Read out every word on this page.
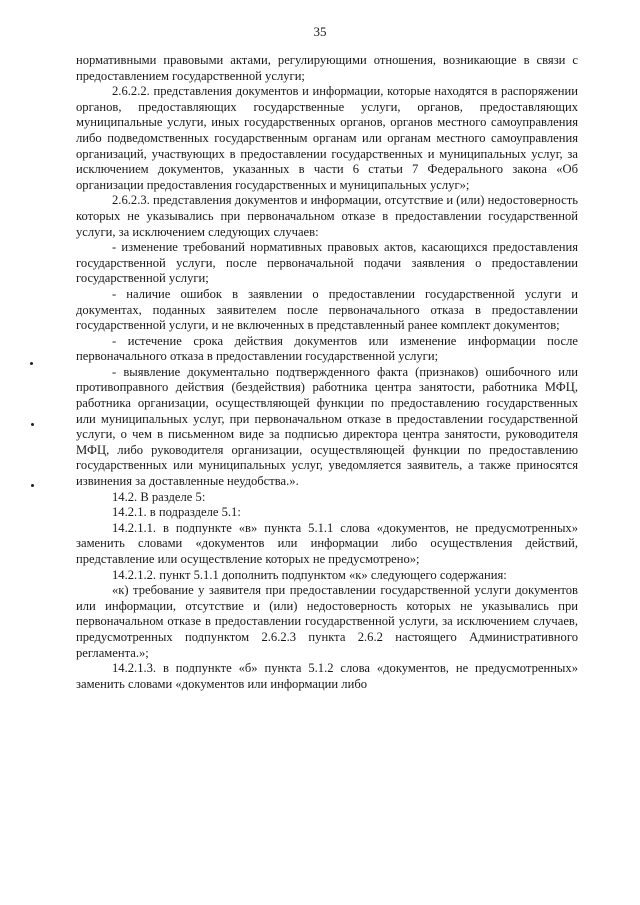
35

нормативными правовыми актами, регулирующими отношения, возникающие в связи с предоставлением государственной услуги;

2.6.2.2. представления документов и информации, которые находятся в распоряжении органов, предоставляющих государственные услуги, органов, предоставляющих муниципальные услуги, иных государственных органов, органов местного самоуправления либо подведомственных государственным органам или органам местного самоуправления организаций, участвующих в предоставлении государственных и муниципальных услуг, за исключением документов, указанных в части 6 статьи 7 Федерального закона «Об организации предоставления государственных и муниципальных услуг»;

2.6.2.3. представления документов и информации, отсутствие и (или) недостоверность которых не указывались при первоначальном отказе в предоставлении государственной услуги, за исключением следующих случаев:

- изменение требований нормативных правовых актов, касающихся предоставления государственной услуги, после первоначальной подачи заявления о предоставлении государственной услуги;

- наличие ошибок в заявлении о предоставлении государственной услуги и документах, поданных заявителем после первоначального отказа в предоставлении государственной услуги, и не включенных в представленный ранее комплект документов;

- истечение срока действия документов или изменение информации после первоначального отказа в предоставлении государственной услуги;

- выявление документально подтвержденного факта (признаков) ошибочного или противоправного действия (бездействия) работника центра занятости, работника МФЦ, работника организации, осуществляющей функции по предоставлению государственных или муниципальных услуг, при первоначальном отказе в предоставлении государственной услуги, о чем в письменном виде за подписью директора центра занятости, руководителя МФЦ, либо руководителя организации, осуществляющей функции по предоставлению государственных или муниципальных услуг, уведомляется заявитель, а также приносятся извинения за доставленные неудобства.».

14.2. В разделе 5:

14.2.1. в подразделе 5.1:

14.2.1.1. в подпункте «в» пункта 5.1.1 слова «документов, не предусмотренных» заменить словами «документов или информации либо осуществления действий, представление или осуществление которых не предусмотрено»;

14.2.1.2. пункт 5.1.1 дополнить подпунктом «к» следующего содержания:

«к) требование у заявителя при предоставлении государственной услуги документов или информации, отсутствие и (или) недостоверность которых не указывались при первоначальном отказе в предоставлении государственной услуги, за исключением случаев, предусмотренных подпунктом 2.6.2.3 пункта 2.6.2 настоящего Административного регламента.»;

14.2.1.3. в подпункте «б» пункта 5.1.2 слова «документов, не предусмотренных» заменить словами «документов или информации либо
